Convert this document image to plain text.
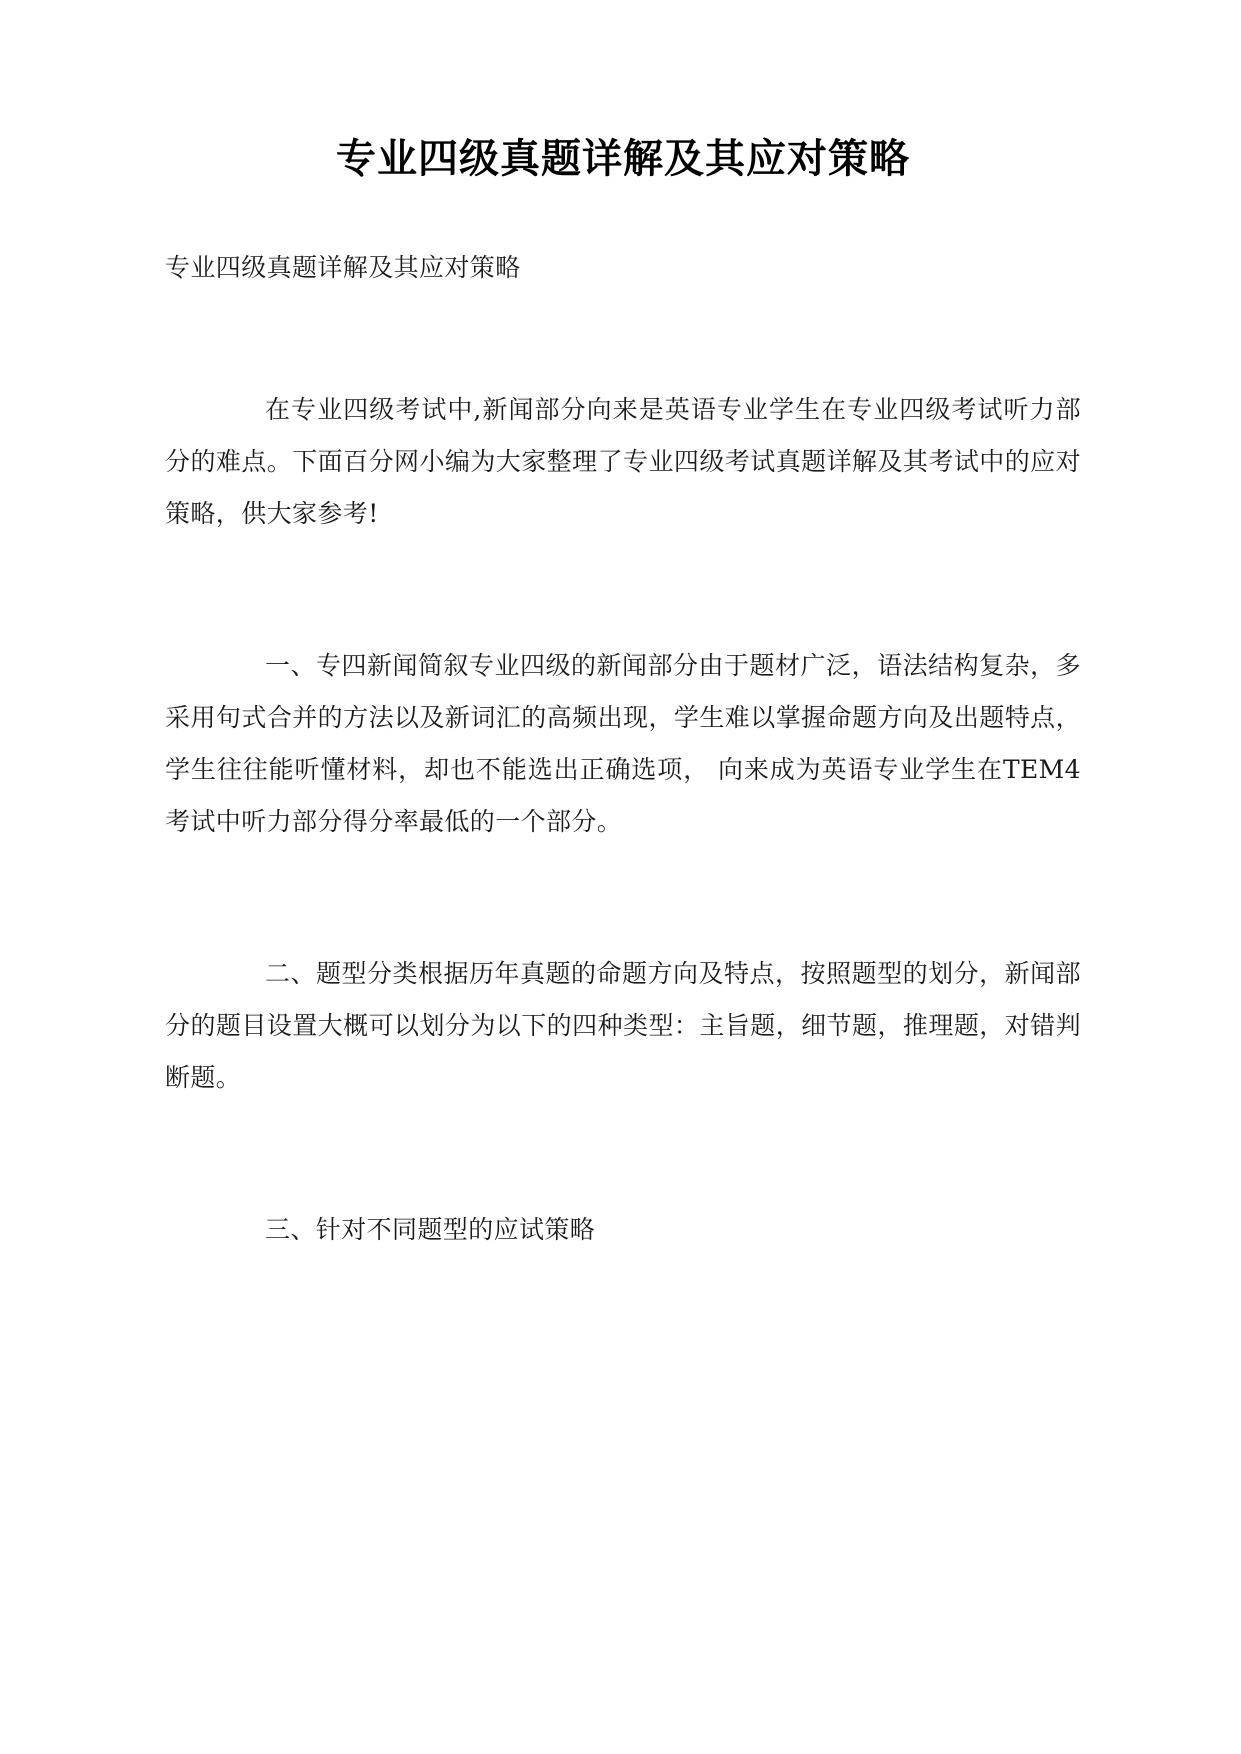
专业四级真题详解及其应对策略

专业四级真题详解及其应对策略

在专业四级考试中,新闻部分向来是英语专业学生在专业四级考试听力部分的难点。下面百分网小编为大家整理了专业四级考试真题详解及其考试中的应对策略，供大家参考!

一、专四新闻简叙专业四级的新闻部分由于题材广泛，语法结构复杂，多采用句式合并的方法以及新词汇的高频出现，学生难以掌握命题方向及出题特点，学生往往能听懂材料，却也不能选出正确选项， 向来成为英语专业学生在TEM4考试中听力部分得分率最低的一个部分。

二、题型分类根据历年真题的命题方向及特点，按照题型的划分，新闻部分的题目设置大概可以划分为以下的四种类型：主旨题，细节题，推理题，对错判断题。

三、针对不同题型的应试策略
